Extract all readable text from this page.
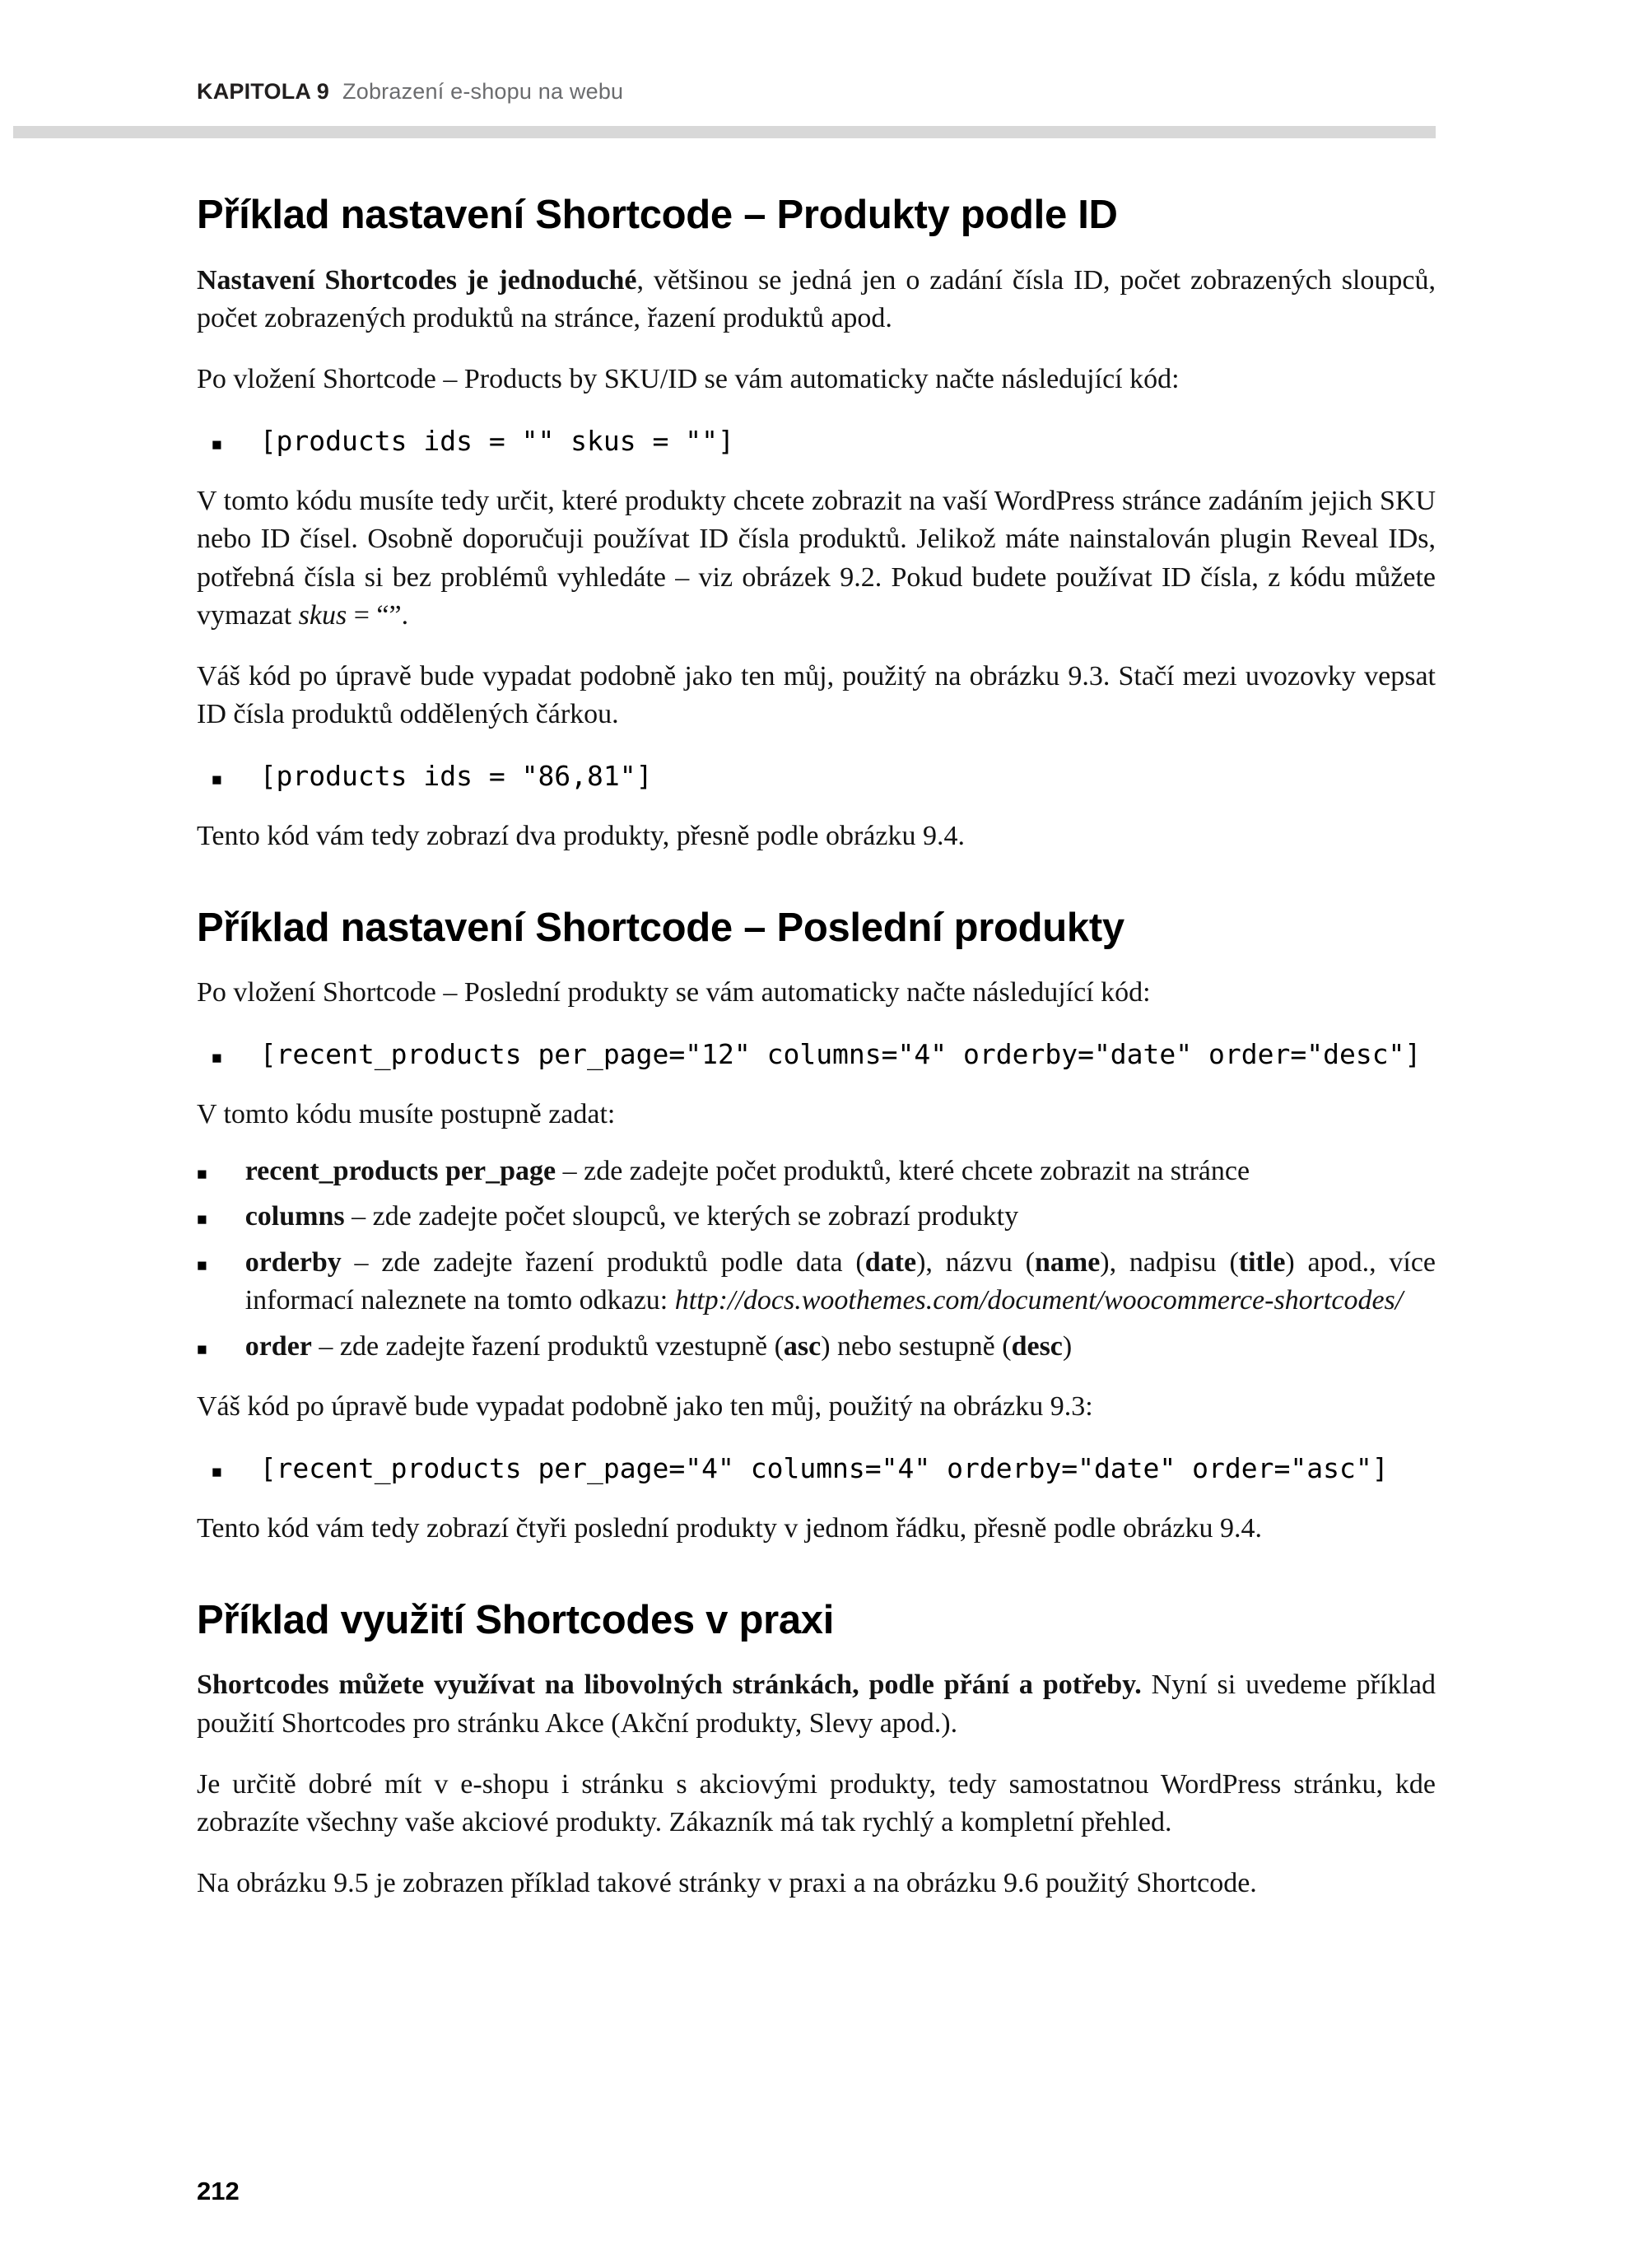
KAPITOLA 9 Zobrazení e-shopu na webu
Příklad nastavení Shortcode – Produkty podle ID

Nastavení Shortcodes je jednoduché, většinou se jedná jen o zadání čísla ID, počet zobrazených sloupců, počet zobrazených produktů na stránce, řazení produktů apod.

Po vložení Shortcode – Products by SKU/ID se vám automaticky načte následující kód:

■ [products ids = "" skus = ""]

V tomto kódu musíte tedy určit, které produkty chcete zobrazit na vaší WordPress stránce zadáním jejich SKU nebo ID čísel. Osobně doporučuji používat ID čísla produktů. Jelikož máte nainstalován plugin Reveal IDs, potřebná čísla si bez problémů vyhledáte – viz obrázek 9.2. Pokud budete používat ID čísla, z kódu můžete vymazat skus = “”.

Váš kód po úpravě bude vypadat podobně jako ten můj, použitý na obrázku 9.3. Stačí mezi uvozovky vepsat ID čísla produktů oddělených čárkou.

■ [products ids = "86,81"]

Tento kód vám tedy zobrazí dva produkty, přesně podle obrázku 9.4.

Příklad nastavení Shortcode – Poslední produkty

Po vložení Shortcode – Poslední produkty se vám automaticky načte následující kód:

■ [recent_products per_page="12" columns="4" orderby="date" order="desc"]

V tomto kódu musíte postupně zadat:

■ recent_products per_page – zde zadejte počet produktů, které chcete zobrazit na stránce
■ columns – zde zadejte počet sloupců, ve kterých se zobrazí produkty
■ orderby – zde zadejte řazení produktů podle data (date), názvu (name), nadpisu (title) apod., více informací naleznete na tomto odkazu: http://docs.woothemes.com/document/woocommerce-shortcodes/
■ order – zde zadejte řazení produktů vzestupně (asc) nebo sestupně (desc)

Váš kód po úpravě bude vypadat podobně jako ten můj, použitý na obrázku 9.3:

■ [recent_products per_page="4" columns="4" orderby="date" order="asc"]

Tento kód vám tedy zobrazí čtyři poslední produkty v jednom řádku, přesně podle obrázku 9.4.

Příklad využití Shortcodes v praxi

Shortcodes můžete využívat na libovolných stránkách, podle přání a potřeby. Nyní si uvedeme příklad použití Shortcodes pro stránku Akce (Akční produkty, Slevy apod.).

Je určitě dobré mít v e-shopu i stránku s akciovými produkty, tedy samostatnou WordPress stránku, kde zobrazíte všechny vaše akciové produkty. Zákazník má tak rychlý a kompletní přehled.

Na obrázku 9.5 je zobrazen příklad takové stránky v praxi a na obrázku 9.6 použitý Shortcode.

212
